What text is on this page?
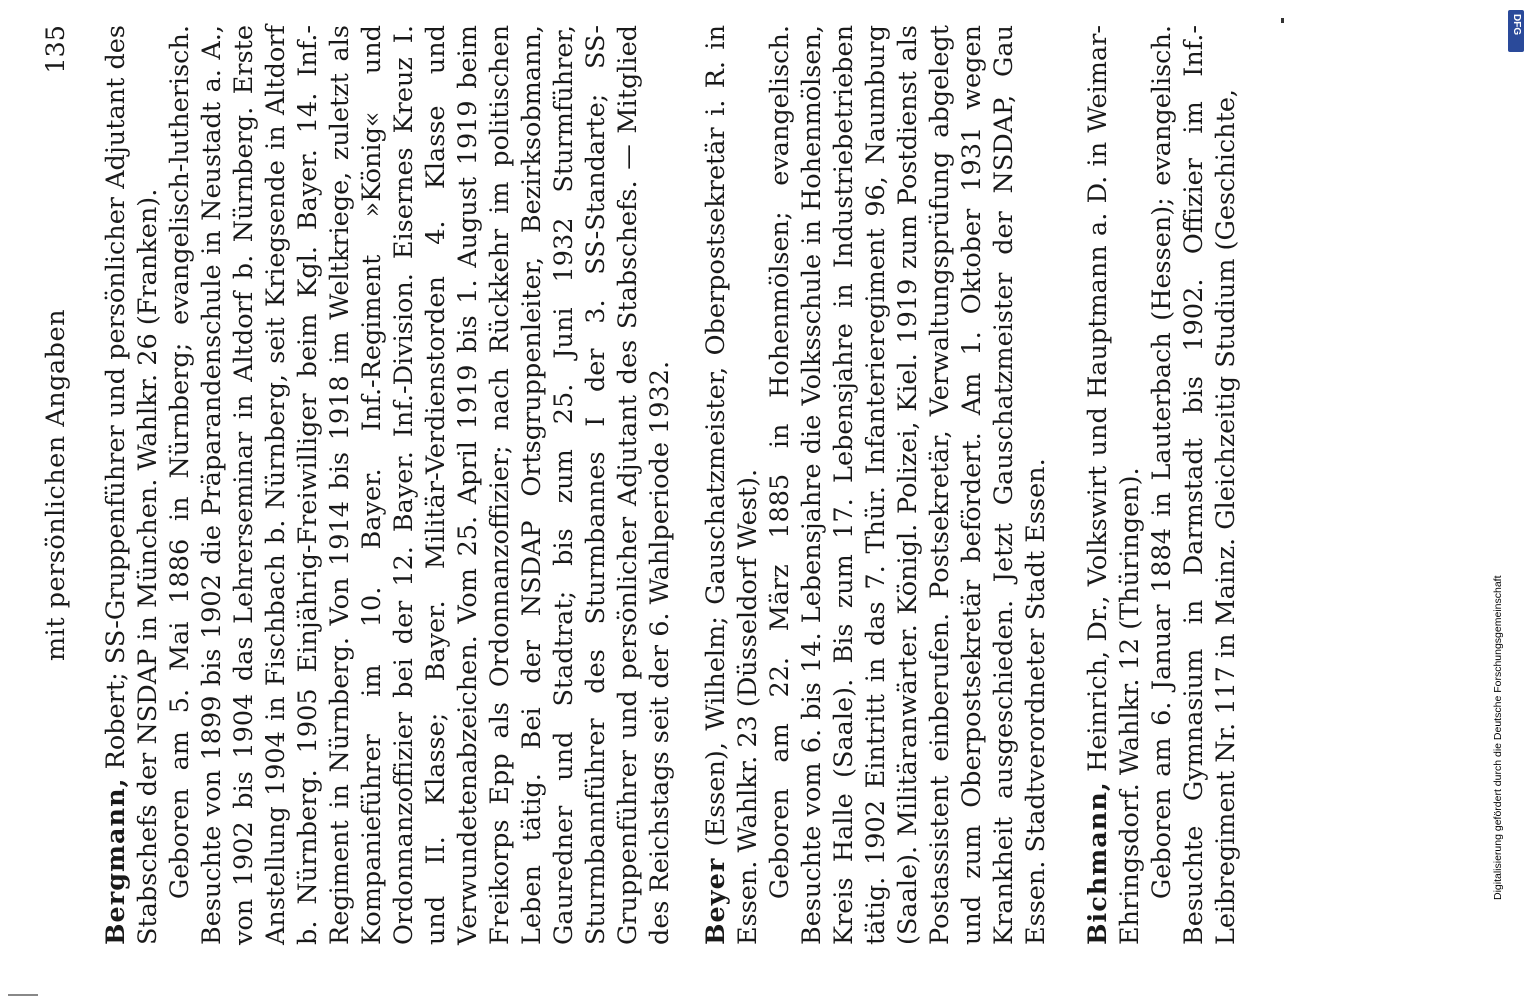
mit persönlichen Angaben
135

Bergmann, Robert; SS-Gruppenführer und persönlicher Adjutant des Stabschefs der NSDAP in München. Wahlkr. 26 (Franken). Geboren am 5. Mai 1886 in Nürnberg; evangelisch-lutherisch. Besuchte von 1899 bis 1902 die Präparandenschule in Neustadt a. A., von 1902 bis 1904 das Lehrerseminar in Altdorf b. Nürnberg. Erste Anstellung 1904 in Fischbach b. Nürnberg, seit Kriegsende in Altdorf b. Nürnberg. 1905 Einjährig-Freiwilliger beim Kgl. Bayer. 14. Inf.-Regiment in Nürnberg. Von 1914 bis 1918 im Weltkriege, zuletzt als Kompanieführer im 10. Bayer. Inf.-Regiment »König« und Ordonnanzoffizier bei der 12. Bayer. Inf.-Division. Eisernes Kreuz I. und II. Klasse; Bayer. Militär-Verdienstorden 4. Klasse und Verwundetenabzeichen. Vom 25. April 1919 bis 1. August 1919 beim Freikorps Epp als Ordonnanzoffizier; nach Rückkehr im politischen Leben tätig. Bei der NSDAP Ortsgruppenleiter, Bezirksobmann, Gauredner und Stadtrat; bis zum 25. Juni 1932 Sturmführer, Sturmbannführer des Sturmbannes I der 3. SS-Standarte; SS-Gruppenführer und persönlicher Adjutant des Stabschefs. — Mitglied des Reichstags seit der 6. Wahlperiode 1932. Beyer (Essen), Wilhelm; Gauschatzmeister, Oberpostsekretär i. R. in Essen. Wahlkr. 23 (Düsseldorf West). Geboren am 22. März 1885 in Hohenmölsen; evangelisch. Besuchte vom 6. bis 14. Lebensjahre die Volksschule in Hohenmölsen, Kreis Halle (Saale). Bis zum 17. Lebensjahre in Industriebetrieben tätig. 1902 Eintritt in das 7. Thür. Infanterieregiment 96, Naumburg (Saale). Militäranwärter. Königl. Polizei, Kiel. 1919 zum Postdienst als Postassistent einberufen. Postsekretär, Verwaltungsprüfung abgelegt und zum Oberpostsekretär befördert. Am 1. Oktober 1931 wegen Krankheit ausgeschieden. Jetzt Gauschatzmeister der NSDAP, Gau Essen. Stadtverordneter Stadt Essen. Bichmann, Heinrich, Dr., Volkswirt und Hauptmann a. D. in Weimar-Ehringsdorf. Wahlkr. 12 (Thüringen). Geboren am 6. Januar 1884 in Lauterbach (Hessen); evangelisch. Besuchte Gymnasium in Darmstadt bis 1902. Offizier im Inf.-Leibregiment Nr. 117 in Mainz. Gleichzeitig Studium (Geschichte,	Digitalisierung gefördert durch die Deutsche Forschungsgemeinschaft
DFG
